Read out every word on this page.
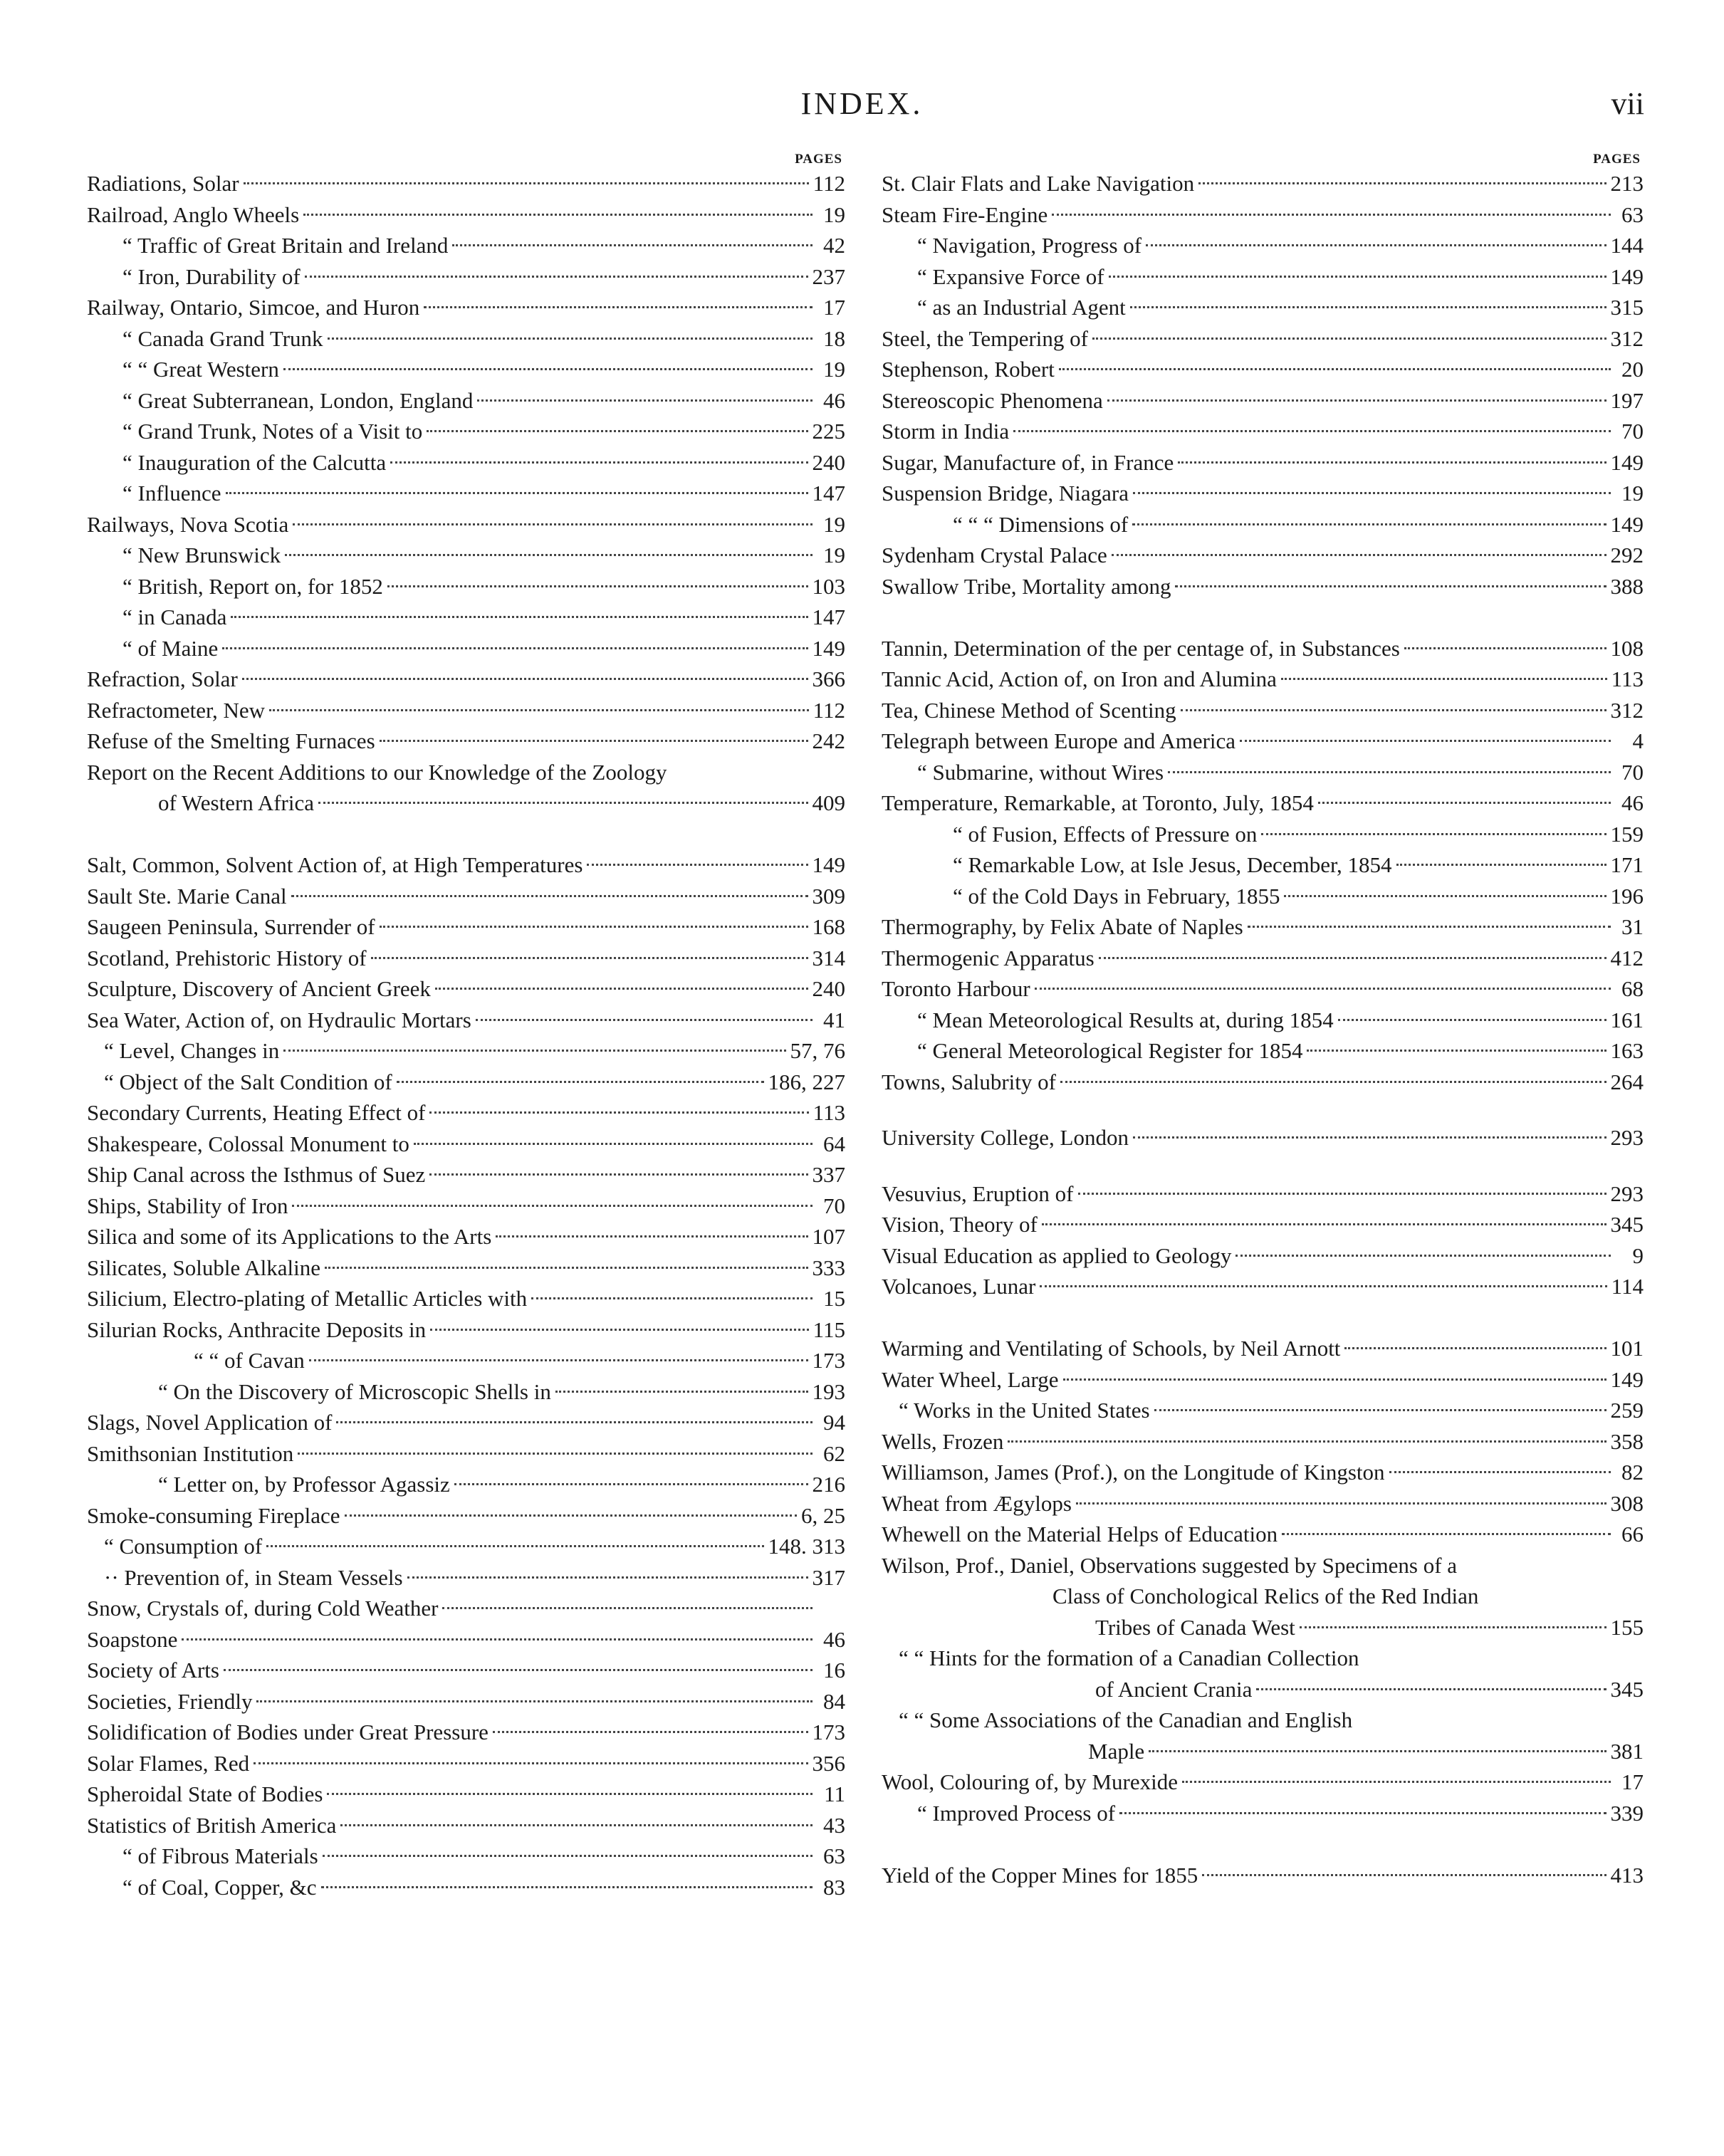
INDEX.	vii
PAGES
Radiations, Solar	112
Railroad, Anglo Wheels	19
“ Traffic of Great Britain and Ireland	42
“ Iron, Durability of	237
Railway, Ontario, Simcoe, and Huron	17
“ Canada Grand Trunk	18
“ “ Great Western	19
“ Great Subterranean, London, England	46
“ Grand Trunk, Notes of a Visit to	225
“ Inauguration of the Calcutta	240
“ Influence	147
Railways, Nova Scotia	19
“ New Brunswick	19
“ British, Report on, for 1852	103
“ in Canada	147
“ of Maine	149
Refraction, Solar	366
Refractometer, New	112
Refuse of the Smelting Furnaces	242
Report on the Recent Additions to our Knowledge of the Zoology
of Western Africa	409
Salt, Common, Solvent Action of, at High Temperatures	149
Sault Ste. Marie Canal	309
Saugeen Peninsula, Surrender of	168
Scotland, Prehistoric History of	314
Sculpture, Discovery of Ancient Greek	240
Sea Water, Action of, on Hydraulic Mortars	41
“ Level, Changes in	57, 76
“ Object of the Salt Condition of	186, 227
Secondary Currents, Heating Effect of	113
Shakespeare, Colossal Monument to	64
Ship Canal across the Isthmus of Suez	337
Ships, Stability of Iron	70
Silica and some of its Applications to the Arts	107
Silicates, Soluble Alkaline	333
Silicium, Electro-plating of Metallic Articles with	15
Silurian Rocks, Anthracite Deposits in	115
“ “ of Cavan	173
“ On the Discovery of Microscopic Shells in	193
Slags, Novel Application of	94
Smithsonian Institution	62
“ Letter on, by Professor Agassiz	216
Smoke-consuming Fireplace	6, 25
“ Consumption of	148. 313
·· Prevention of, in Steam Vessels	317
Snow, Crystals of, during Cold Weather
Soapstone	46
Society of Arts	16
Societies, Friendly	84
Solidification of Bodies under Great Pressure	173
Solar Flames, Red	356
Spheroidal State of Bodies	11
Statistics of British America	43
“ of Fibrous Materials	63
“ of Coal, Copper, &c	83
PAGES
St. Clair Flats and Lake Navigation	213
Steam Fire-Engine	63
“ Navigation, Progress of	144
“ Expansive Force of	149
“ as an Industrial Agent	315
Steel, the Tempering of	312
Stephenson, Robert	20
Stereoscopic Phenomena	197
Storm in India	70
Sugar, Manufacture of, in France	149
Suspension Bridge, Niagara	19
“ “ “ Dimensions of	149
Sydenham Crystal Palace	292
Swallow Tribe, Mortality among	388
Tannin, Determination of the per centage of, in Substances	108
Tannic Acid, Action of, on Iron and Alumina	113
Tea, Chinese Method of Scenting	312
Telegraph between Europe and America	4
“ Submarine, without Wires	70
Temperature, Remarkable, at Toronto, July, 1854	46
“ of Fusion, Effects of Pressure on	159
“ Remarkable Low, at Isle Jesus, December, 1854	171
“ of the Cold Days in February, 1855	196
Thermography, by Felix Abate of Naples	31
Thermogenic Apparatus	412
Toronto Harbour	68
“ Mean Meteorological Results at, during 1854	161
“ General Meteorological Register for 1854	163
Towns, Salubrity of	264
University College, London	293
Vesuvius, Eruption of	293
Vision, Theory of	345
Visual Education as applied to Geology	9
Volcanoes, Lunar	114
Warming and Ventilating of Schools, by Neil Arnott	101
Water Wheel, Large	149
“ Works in the United States	259
Wells, Frozen	358
Williamson, James (Prof.), on the Longitude of Kingston	82
Wheat from Ægylops	308
Whewell on the Material Helps of Education	66
Wilson, Prof., Daniel, Observations suggested by Specimens of a
Class of Conchological Relics of the Red Indian
Tribes of Canada West	155
“ “ Hints for the formation of a Canadian Collection
of Ancient Crania	345
“ “ Some Associations of the Canadian and English
Maple	381
Wool, Colouring of, by Murexide	17
“ Improved Process of	339
Yield of the Copper Mines for 1855	413
